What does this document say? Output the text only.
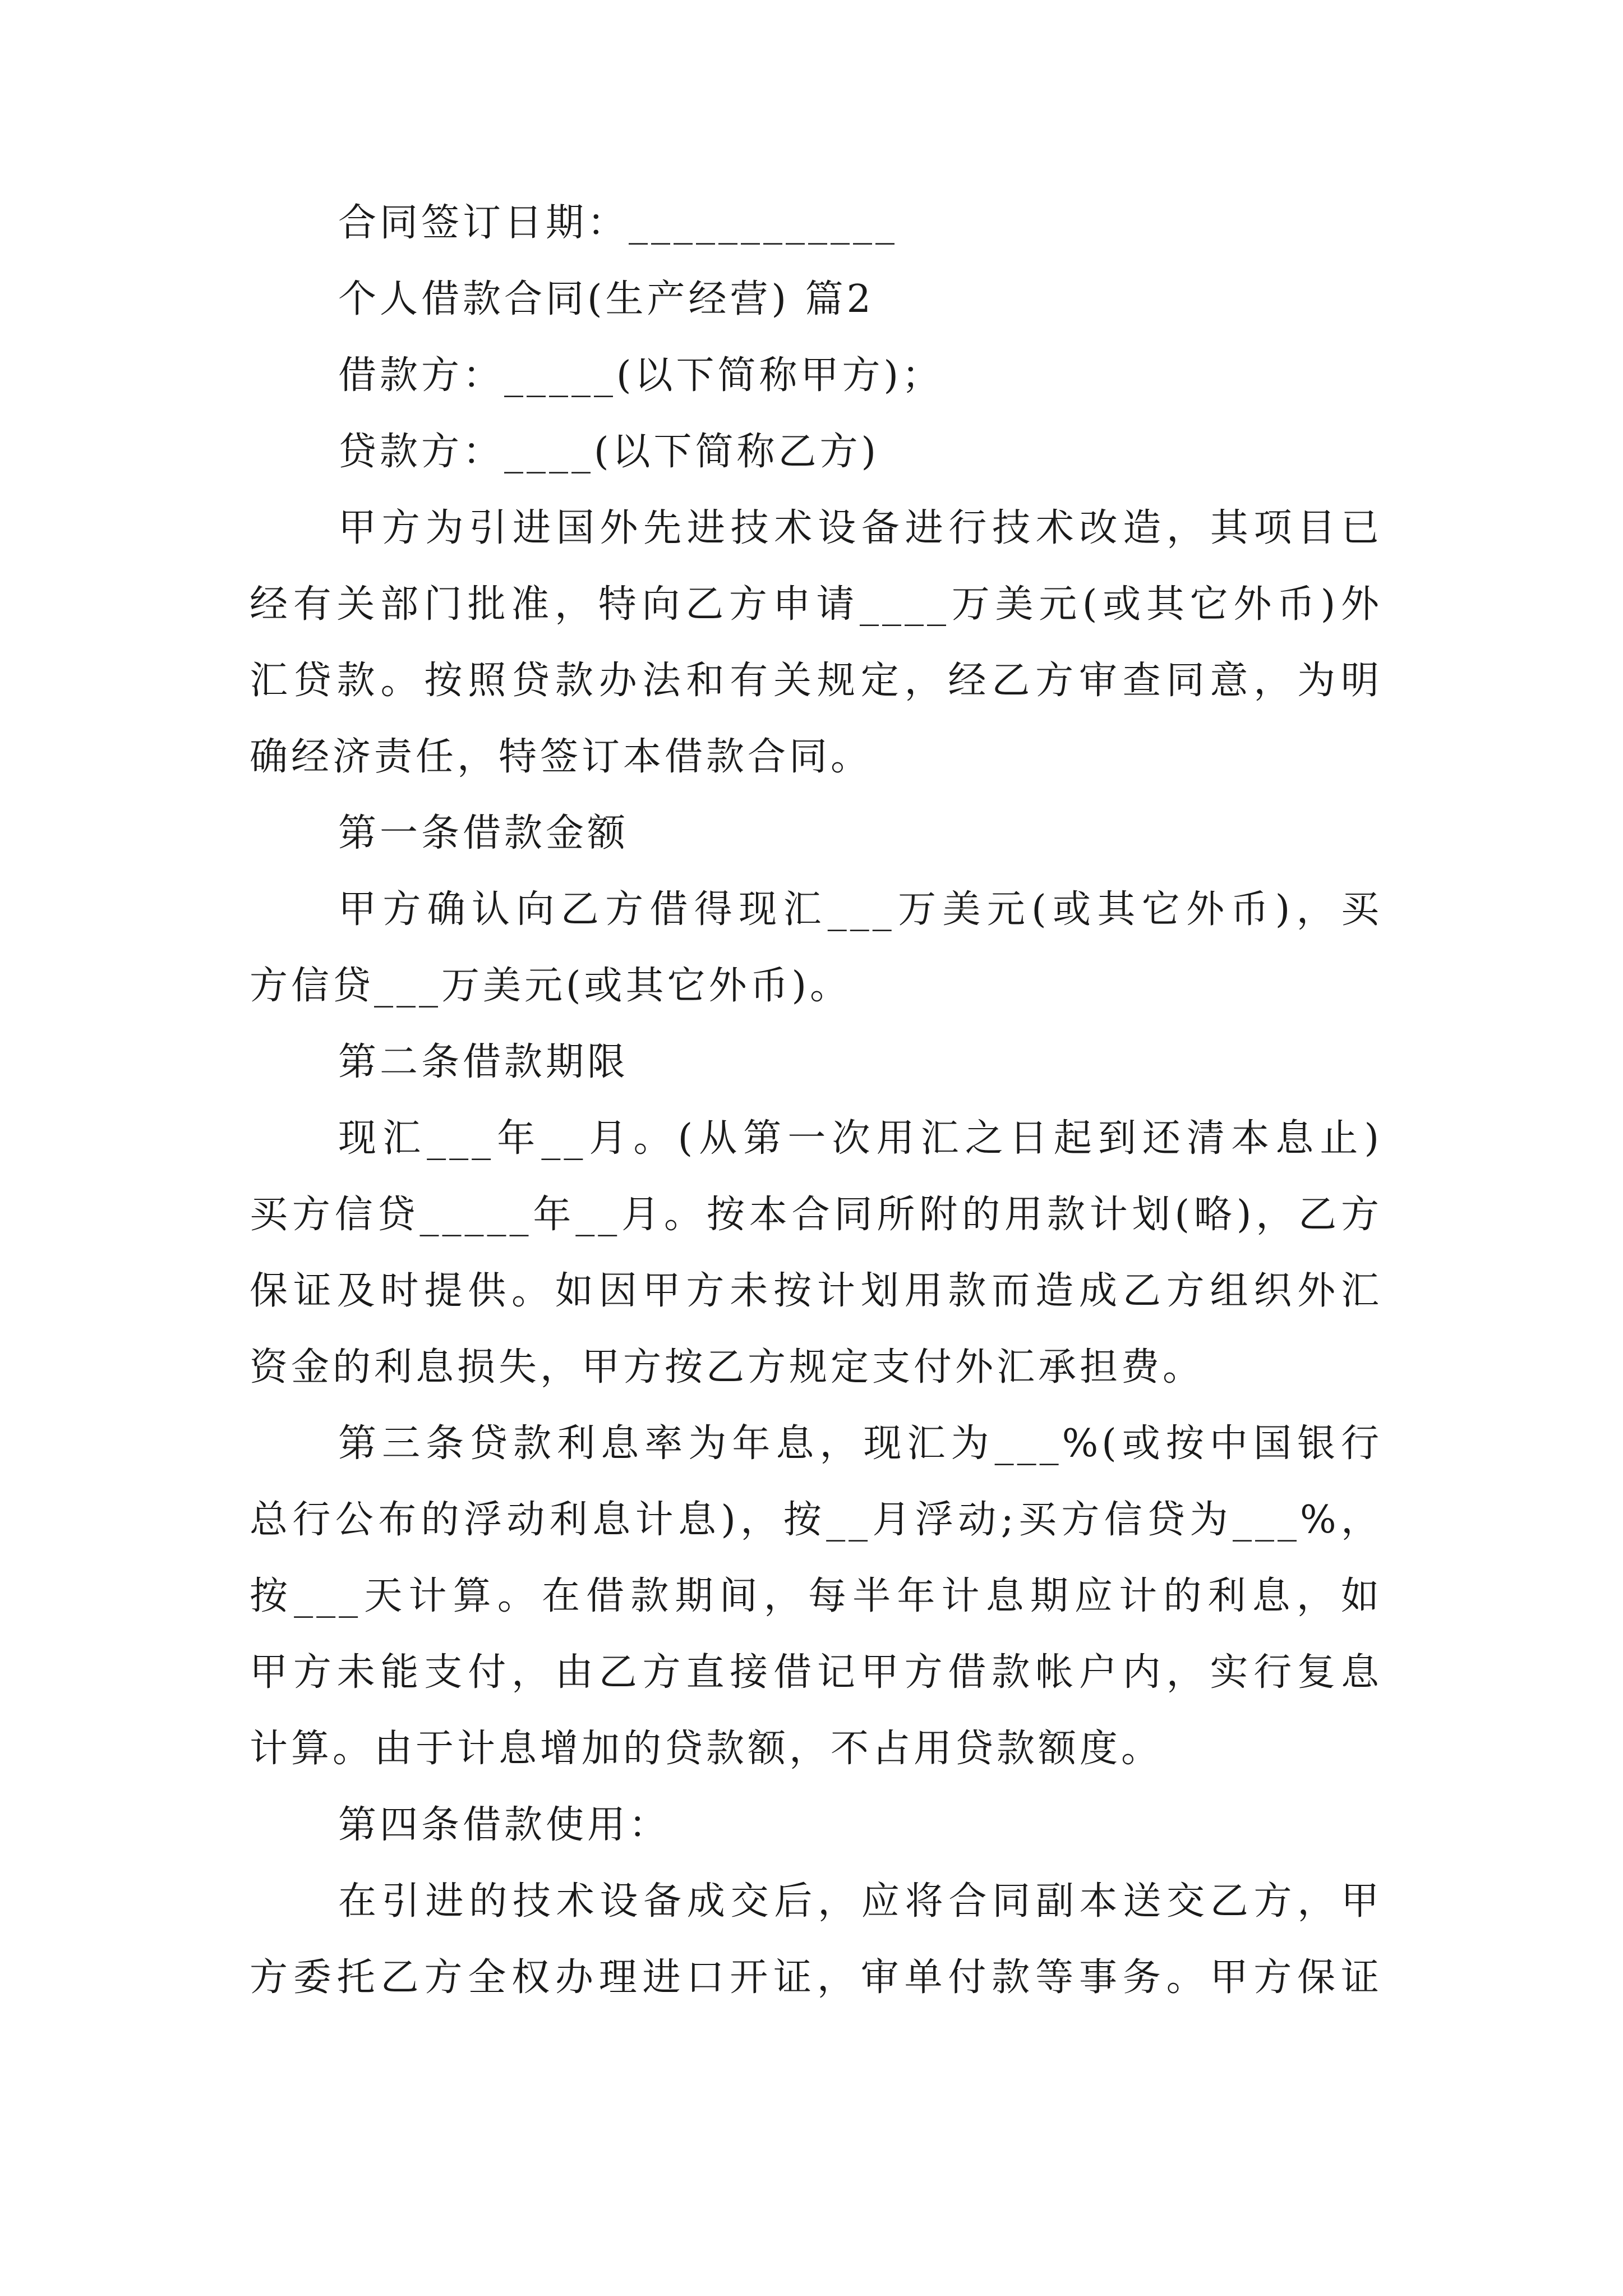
合同签订日期：____________
个人借款合同(生产经营) 篇2
借款方：_____(以下简称甲方)；
贷款方：____(以下简称乙方)
甲方为引进国外先进技术设备进行技术改造，其项目已
经有关部门批准，特向乙方申请____万美元(或其它外币)外
汇贷款。按照贷款办法和有关规定，经乙方审查同意，为明
确经济责任，特签订本借款合同。
第一条借款金额
甲方确认向乙方借得现汇___万美元(或其它外币)，买
方信贷___万美元(或其它外币)。
第二条借款期限
现汇___年__月。(从第一次用汇之日起到还清本息止)
买方信贷_____年__月。按本合同所附的用款计划(略)，乙方
保证及时提供。如因甲方未按计划用款而造成乙方组织外汇
资金的利息损失，甲方按乙方规定支付外汇承担费。
第三条贷款利息率为年息，现汇为___%(或按中国银行
总行公布的浮动利息计息)，按__月浮动;买方信贷为___%，
按___天计算。在借款期间，每半年计息期应计的利息，如
甲方未能支付，由乙方直接借记甲方借款帐户内，实行复息
计算。由于计息增加的贷款额，不占用贷款额度。
第四条借款使用：
在引进的技术设备成交后，应将合同副本送交乙方，甲
方委托乙方全权办理进口开证，审单付款等事务。甲方保证
